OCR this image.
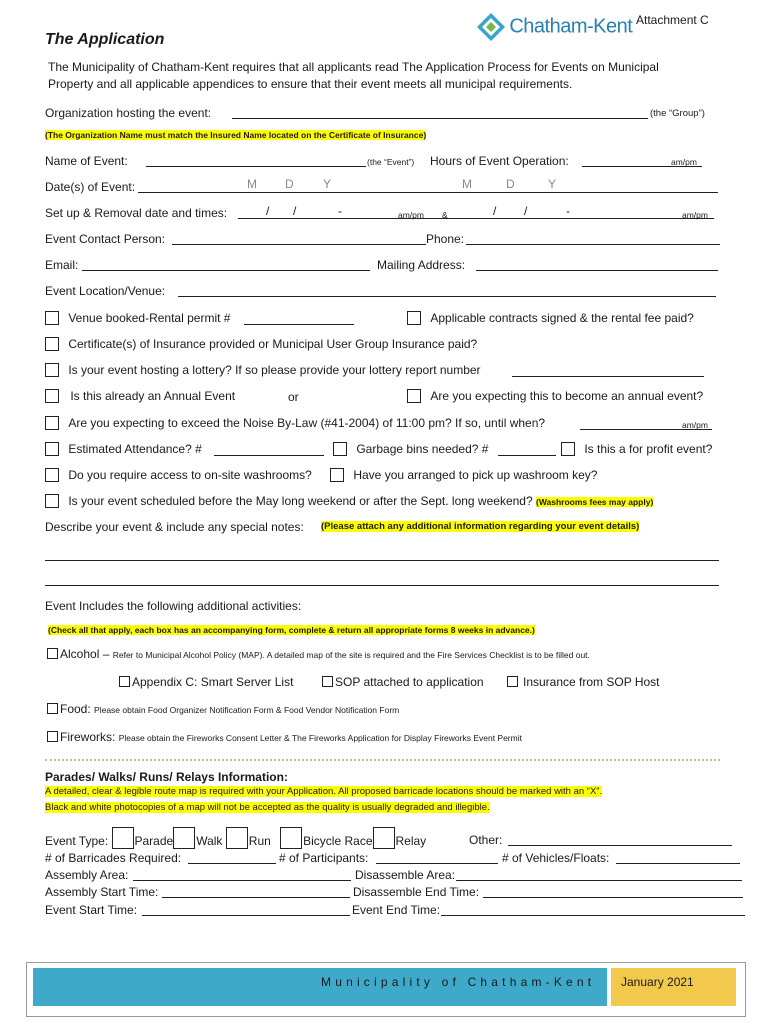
The Application
Chatham-Kent Attachment C
The Municipality of Chatham-Kent requires that all applicants read The Application Process for Events on Municipal
Property and all applicable appendices to ensure that their event meets all municipal requirements.
Organization hosting the event:	(the “Group”)
(The Organization Name must match the Insured Name located on the Certificate of Insurance)
Name of Event:	(the “Event”) Hours of Event Operation:	am/pm
Date(s) of Event:	M D Y	M	D	Y
Set up & Removal date and times:	/ /	-	am/pm &	/ /	-	am/pm
Event Contact Person:	Phone:
Email:	Mailing Address:
Event Location/Venue:
Venue booked-Rental permit #	Applicable contracts signed & the rental fee paid?
Certificate(s) of Insurance provided or Municipal User Group Insurance paid?
Is your event hosting a lottery? If so please provide your lottery report number
Is this already an Annual Event	or	Are you expecting this to become an annual event?
Are you expecting to exceed the Noise By-Law (#41-2004) of 11:00 pm? If so, until when?	am/pm
Estimated Attendance? #	Garbage bins needed? #	Is this a for profit event?
Do you require access to on-site washrooms?	Have you arranged to pick up washroom key?
Is your event scheduled before the May long weekend or after the Sept. long weekend? (Washrooms fees may apply)
Describe your event & include any special notes: (Please attach any additional information regarding your event details)
Event Includes the following additional activities:
(Check all that apply, each box has an accompanying form, complete & return all appropriate forms 8 weeks in advance.)
Alcohol – Refer to Municipal Alcohol Policy (MAP). A detailed map of the site is required and the Fire Services Checklist is to be filled out.
Appendix C: Smart Server List	SOP attached to application	Insurance from SOP Host
Food: Please obtain Food Organizer Notification Form & Food Vendor Notification Form
Fireworks: Please obtain the Fireworks Consent Letter & The Fireworks Application for Display Fireworks Event Permit
Parades/ Walks/ Runs/ Relays Information:
A detailed, clear & legible route map is required with your Application. All proposed barricade locations should be marked with an “X”.
Black and white photocopies of a map will not be accepted as the quality is usually degraded and illegible.
Event Type: Parade Walk Run	Bicycle Race Relay	Other:
# of Barricades Required:	# of Participants:	# of Vehicles/Floats:
Assembly Area:	Disassemble Area:
Assembly Start Time:	Disassemble End Time:
Event Start Time:	Event End Time:
Municipality of Chatham-Kent January 2021
